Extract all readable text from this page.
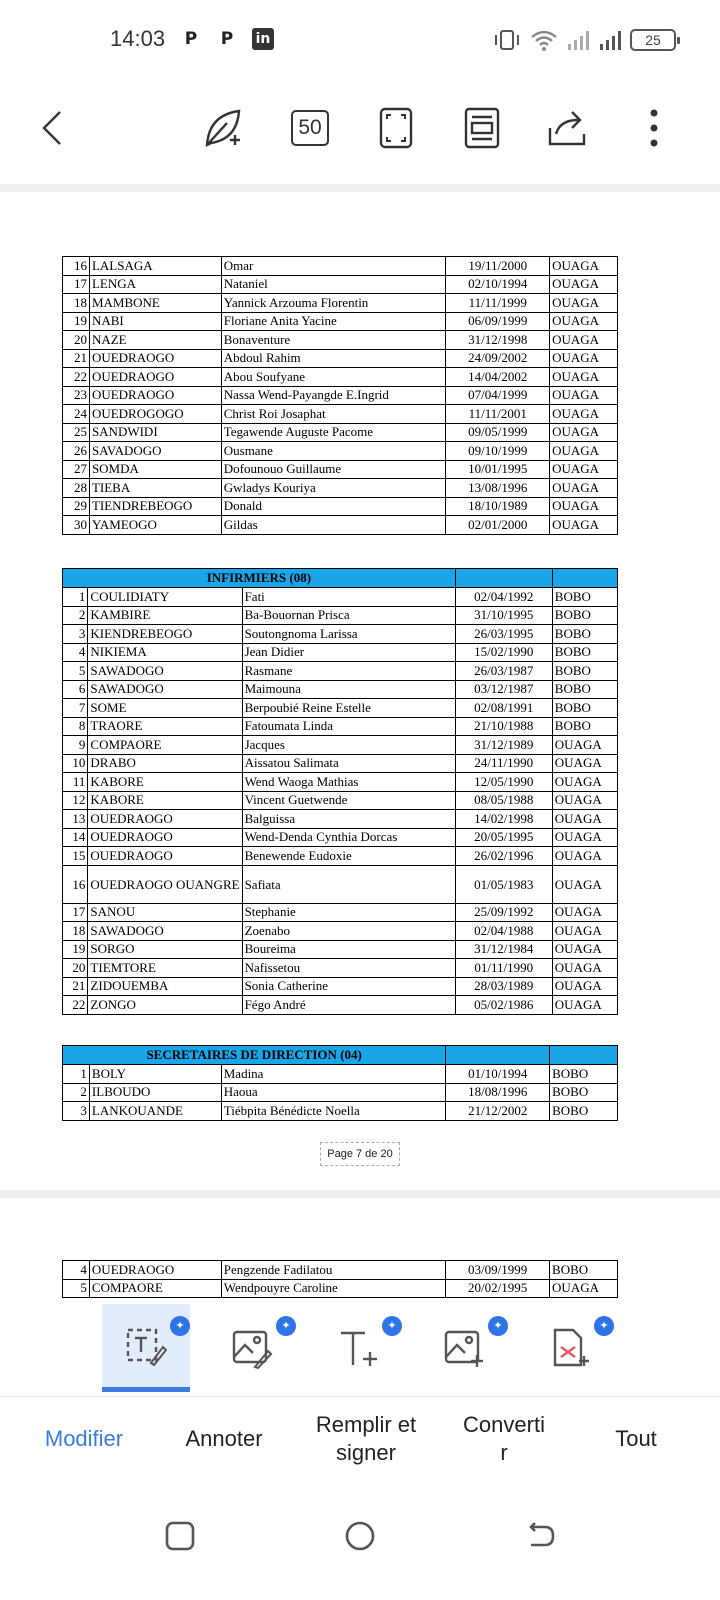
14:03 P P	in	25
50
16	LALSAGA	Omar	19/11/2000	OUAGA
17	LENGA	Nataniel	02/10/1994	OUAGA
18	MAMBONE	Yannick Arzouma Florentin	11/11/1999	OUAGA
19	NABI	Floriane Anita Yacine	06/09/1999	OUAGA
20	NAZE	Bonaventure	31/12/1998	OUAGA
21	OUEDRAOGO	Abdoul Rahim	24/09/2002	OUAGA
22	OUEDRAOGO	Abou Soufyane	14/04/2002	OUAGA
23	OUEDRAOGO	Nassa Wend-Payangde E.Ingrid	07/04/1999	OUAGA
24	OUEDROGOGO	Christ Roi Josaphat	11/11/2001	OUAGA
25	SANDWIDI	Tegawende Auguste Pacome	09/05/1999	OUAGA
26	SAVADOGO	Ousmane	09/10/1999	OUAGA
27	SOMDA	Dofounouo Guillaume	10/01/1995	OUAGA
28	TIEBA	Gwladys Kouriya	13/08/1996	OUAGA
29	TIENDREBEOGO	Donald	18/10/1989	OUAGA
30	YAMEOGO	Gildas	02/01/2000	OUAGA
INFIRMIERS (08)				
1	COULIDIATY	Fati	02/04/1992	BOBO
2	KAMBIRE	Ba-Bouornan Prisca	31/10/1995	BOBO
3	KIENDREBEOGO	Soutongnoma Larissa	26/03/1995	BOBO
4	NIKIEMA	Jean Didier	15/02/1990	BOBO
5	SAWADOGO	Rasmane	26/03/1987	BOBO
6	SAWADOGO	Maimouna	03/12/1987	BOBO
7	SOME	Berpoubié Reine Estelle	02/08/1991	BOBO
8	TRAORE	Fatoumata Linda	21/10/1988	BOBO
9	COMPAORE	Jacques	31/12/1989	OUAGA
10	DRABO	Aissatou Salimata	24/11/1990	OUAGA
11	KABORE	Wend Waoga Mathias	12/05/1990	OUAGA
12	KABORE	Vincent Guetwende	08/05/1988	OUAGA
13	OUEDRAOGO	Balguissa	14/02/1998	OUAGA
14	OUEDRAOGO	Wend-Denda Cynthia Dorcas	20/05/1995	OUAGA
15	OUEDRAOGO	Benewende Eudoxie	26/02/1996	OUAGA
16	OUEDRAOGO OUANGRE	Safiata	01/05/1983	OUAGA
17	SANOU	Stephanie	25/09/1992	OUAGA
18	SAWADOGO	Zoenabo	02/04/1988	OUAGA
19	SORGO	Boureima	31/12/1984	OUAGA
20	TIEMTORE	Nafissetou	01/11/1990	OUAGA
21	ZIDOUEMBA	Sonia Catherine	28/03/1989	OUAGA
22	ZONGO	Fégo André	05/02/1986	OUAGA
SECRETAIRES DE DIRECTION (04)				
1	BOLY	Madina	01/10/1994	BOBO
2	ILBOUDO	Haoua	18/08/1996	BOBO
3	LANKOUANDE	Tiébpita Bénédicte Noella	21/12/2002	BOBO
Page 7 de 20
4	OUEDRAOGO	Pengzende Fadilatou	03/09/1999	BOBO
5	COMPAORE	Wendpouyre Caroline	20/02/1995	OUAGA
✦	✦	✦	✦	✦
Modifier	Annoter
Remplir et
signer
Converti
r
Tout
